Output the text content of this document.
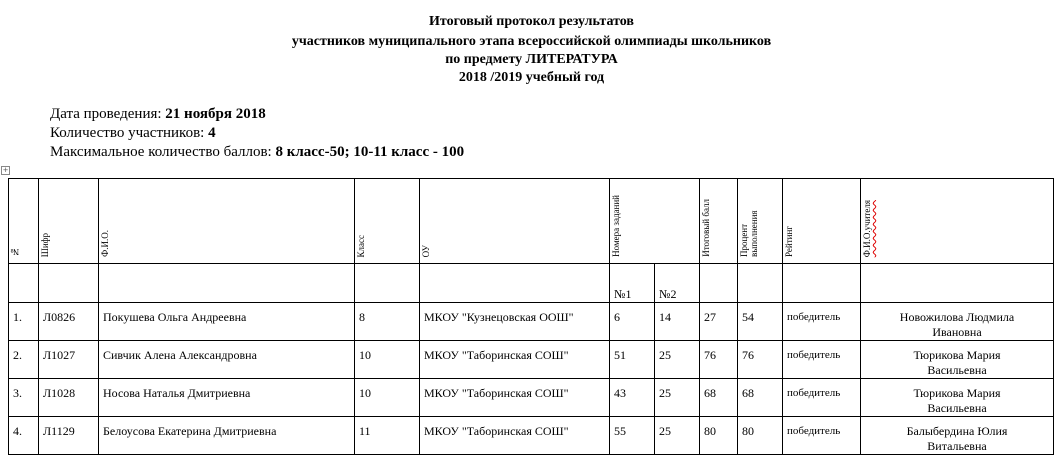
Итоговый протокол результатов
участников муниципального этапа всероссийской олимпиады школьников
по предмету ЛИТЕРАТУРА
2018 /2019 учебный год
Дата проведения: 21 ноября 2018
Количество участников: 4
Максимальное количество баллов: 8 класс-50; 10-11 класс - 100
+
№	Шифр	Ф.И.О.	Класс	ОУ	Номера заданий		Итоговый балл	Процент выполнения	Рейтинг	Ф.И.О.учителя
					№1	№2				
1.	Л0826	Покушева Ольга Андреевна	8	МКОУ "Кузнецовская ООШ"	6	14	27	54	победитель	Новожилова Людмила
Ивановна
2.	Л1027	Сивчик Алена Александровна	10	МКОУ "Таборинская СОШ"	51	25	76	76	победитель	Тюрикова Мария
Васильевна
3.	Л1028	Носова Наталья Дмитриевна	10	МКОУ "Таборинская СОШ"	43	25	68	68	победитель	Тюрикова Мария
Васильевна
4.	Л1129	Белоусова Екатерина Дмитриевна	11	МКОУ "Таборинская СОШ"	55	25	80	80	победитель	Балыбердина Юлия
Витальевна
